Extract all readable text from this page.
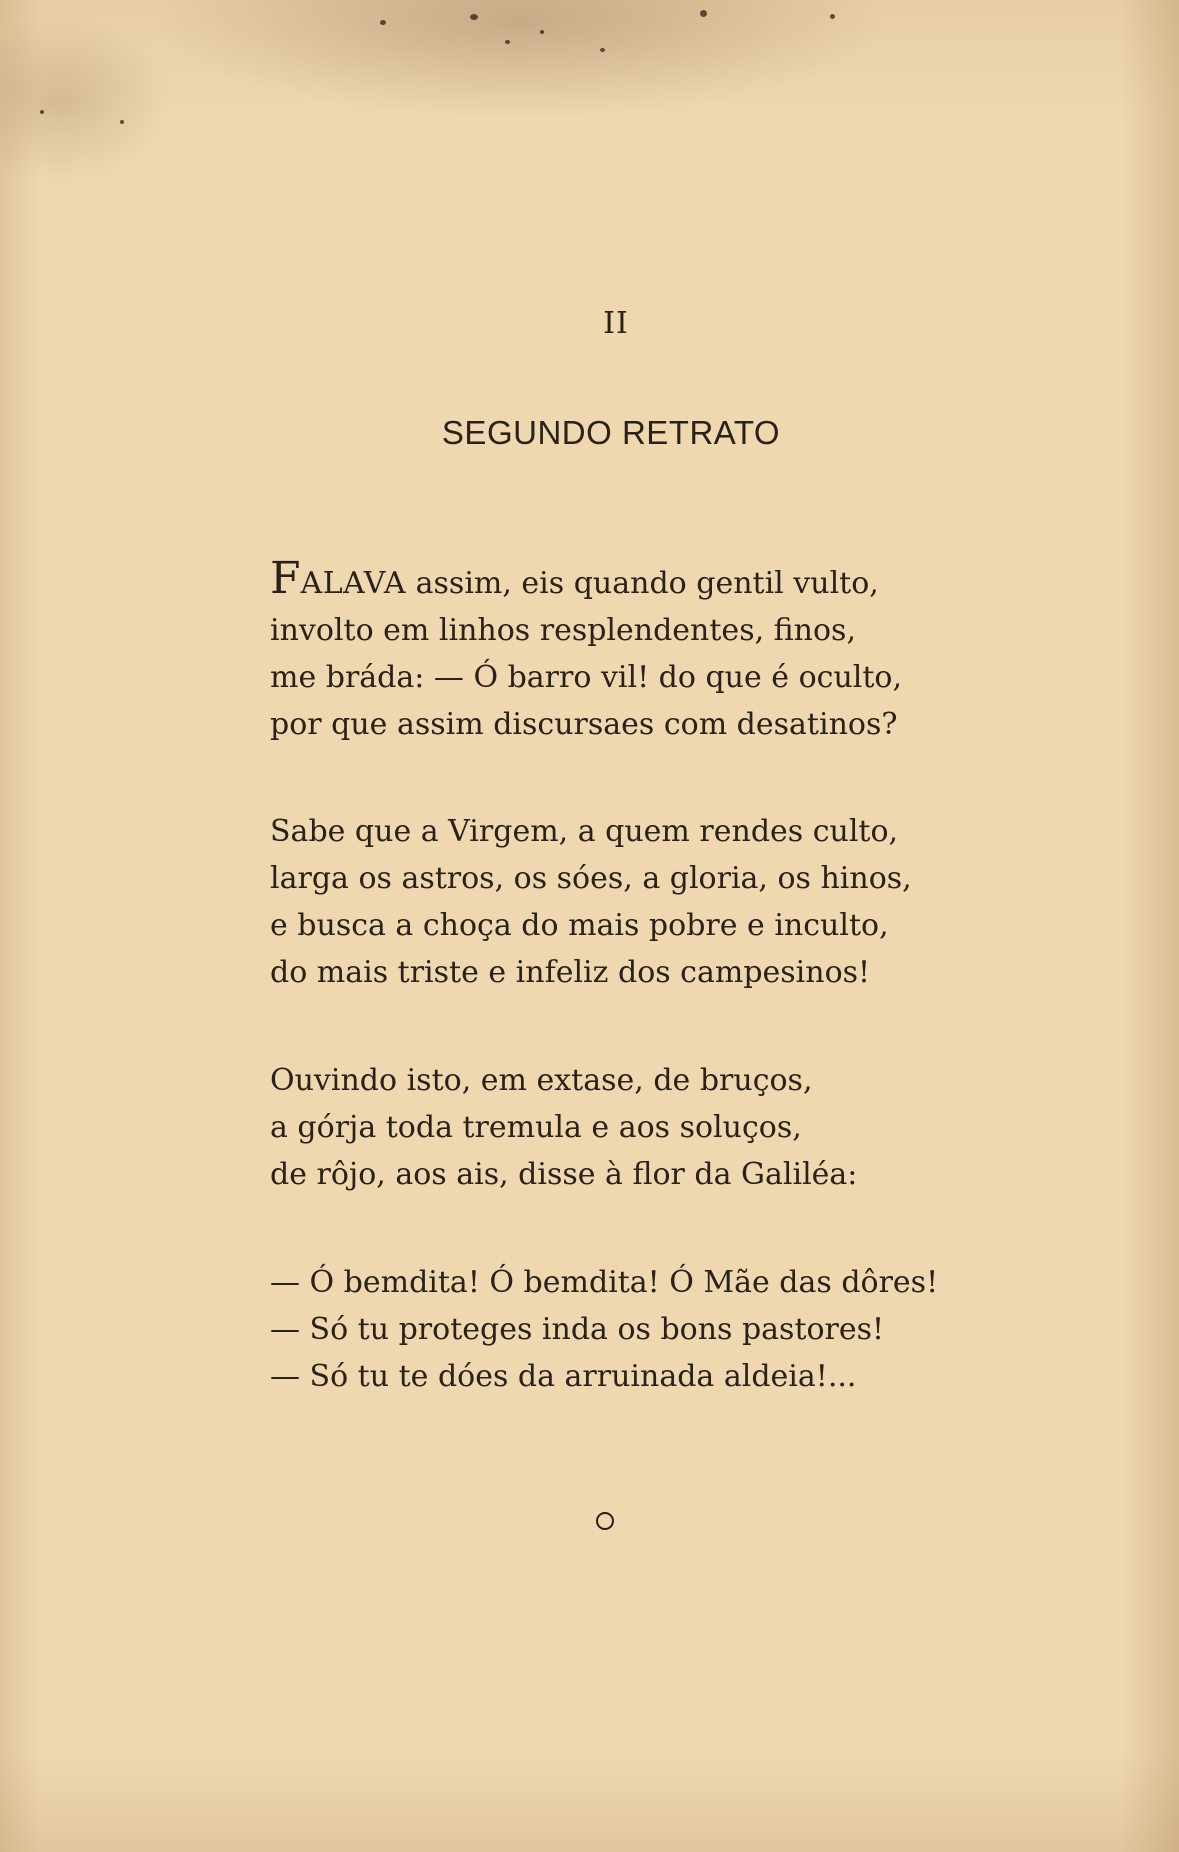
II
SEGUNDO RETRATO
FALAVA assim, eis quando gentil vulto,
involto em linhos resplendentes, finos,
me bráda: — Ó barro vil! do que é oculto,
por que assim discursaes com desatinos?
Sabe que a Virgem, a quem rendes culto,
larga os astros, os sóes, a gloria, os hinos,
e busca a choça do mais pobre e inculto,
do mais triste e infeliz dos campesinos!
Ouvindo isto, em extase, de bruços,
a górja toda tremula e aos soluços,
de rôjo, aos ais, disse à flor da Galiléa:
— Ó bemdita! Ó bemdita! Ó Mãe das dôres!
— Só tu proteges inda os bons pastores!
— Só tu te dóes da arruinada aldeia!...
